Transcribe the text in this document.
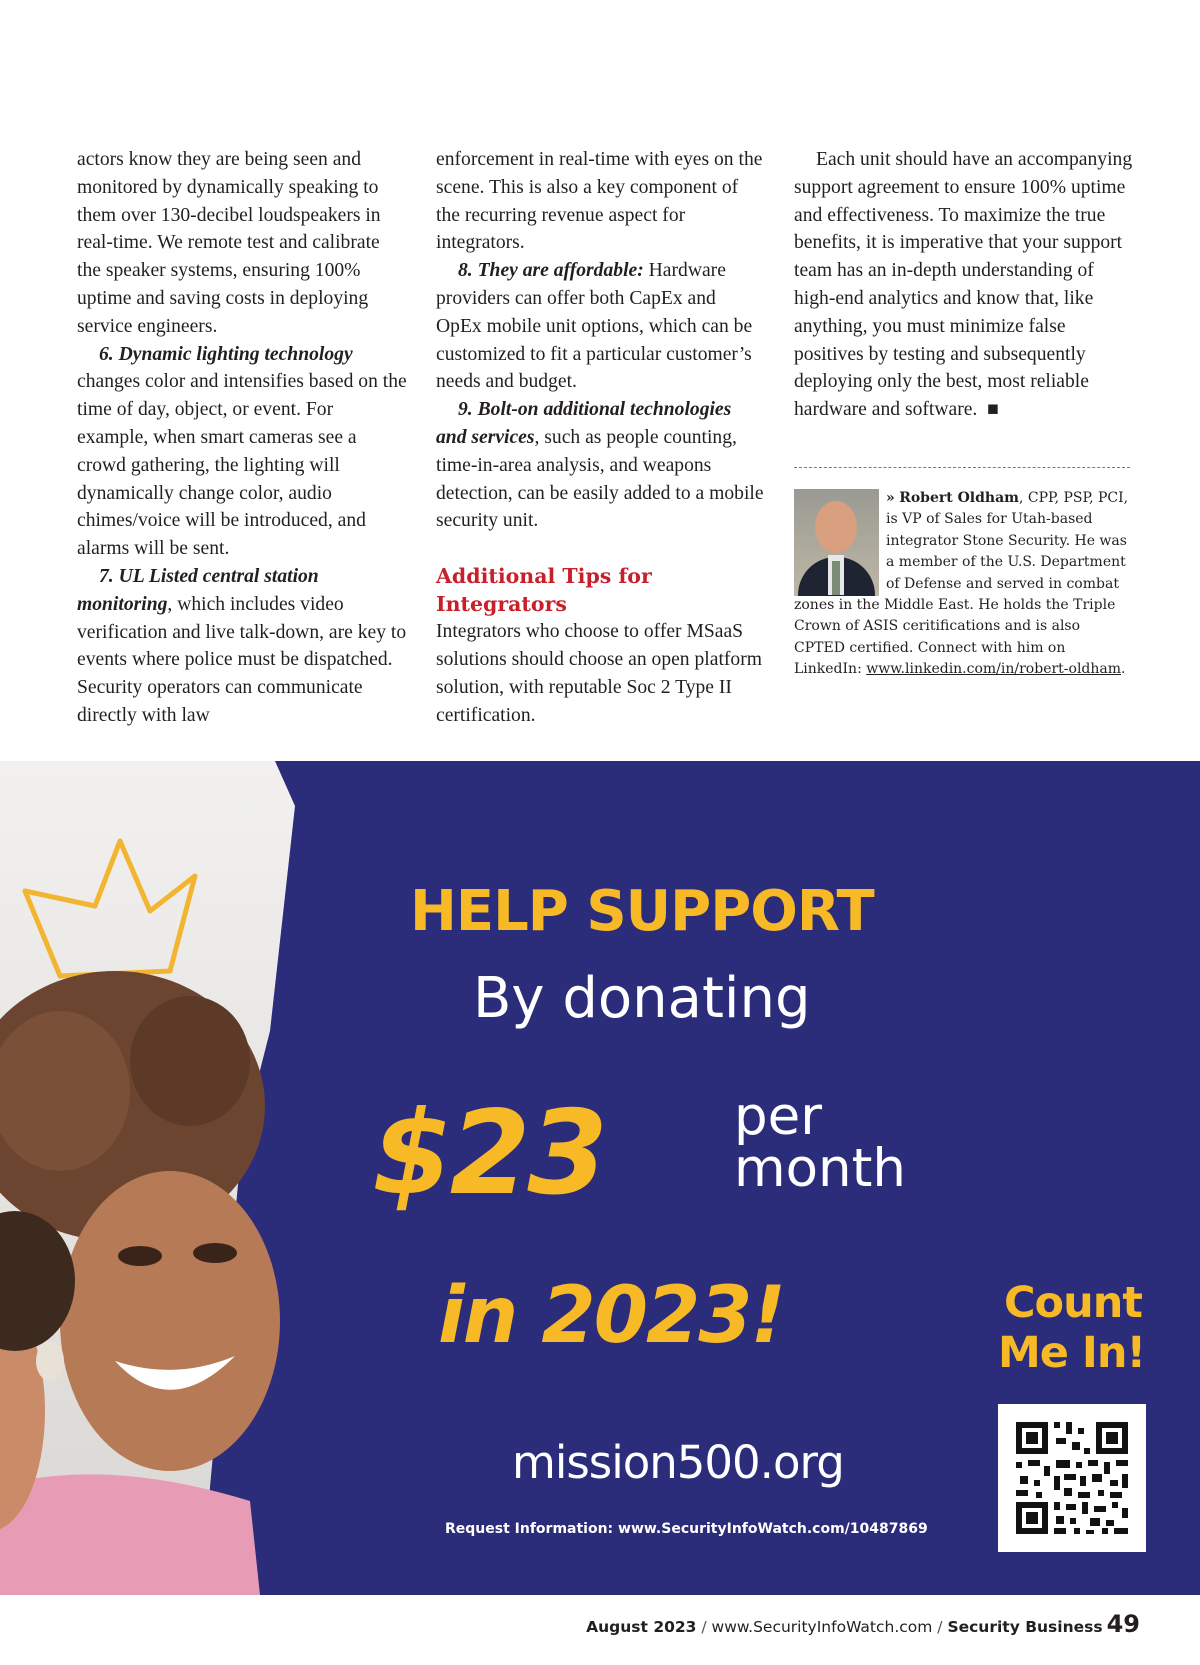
actors know they are being seen and monitored by dynamically speaking to them over 130-decibel loudspeakers in real-time. We remote test and calibrate the speaker systems, ensuring 100% uptime and saving costs in deploying service engineers.

6. Dynamic lighting technology changes color and intensifies based on the time of day, object, or event. For example, when smart cameras see a crowd gathering, the lighting will dynamically change color, audio chimes/voice will be introduced, and alarms will be sent.

7. UL Listed central station monitoring, which includes video verification and live talk-down, are key to events where police must be dispatched. Security operators can communicate directly with law

enforcement in real-time with eyes on the scene. This is also a key component of the recurring revenue aspect for integrators.

8. They are affordable: Hardware providers can offer both CapEx and OpEx mobile unit options, which can be customized to fit a particular customer’s needs and budget.

9. Bolt-on additional technologies and services, such as people counting, time-in-area analysis, and weapons detection, can be easily added to a mobile security unit.

Additional Tips for Integrators

Integrators who choose to offer MSaaS solutions should choose an open platform solution, with reputable Soc 2 Type II certification.

Each unit should have an accompanying support agreement to ensure 100% uptime and effectiveness. To maximize the true benefits, it is imperative that your support team has an in-depth understanding of high-end analytics and know that, like anything, you must minimize false positives by testing and subsequently deploying only the best, most reliable hardware and software. ■

» Robert Oldham, CPP, PSP, PCI, is VP of Sales for Utah-based integrator Stone Security. He was a member of the U.S. Department of Defense and served in combat zones in the Middle East. He holds the Triple Crown of ASIS ceritifications and is also CPTED certified. Connect with him on LinkedIn: www.linkedin.com/in/robert-oldham.
HELP SUPPORT
By donating
$23 per
month
in 2023!
mission500.org
Request Information: www.SecurityInfoWatch.com/10487869
Count
Me In!
August 2023 / www.SecurityInfoWatch.com / Security Business 49
